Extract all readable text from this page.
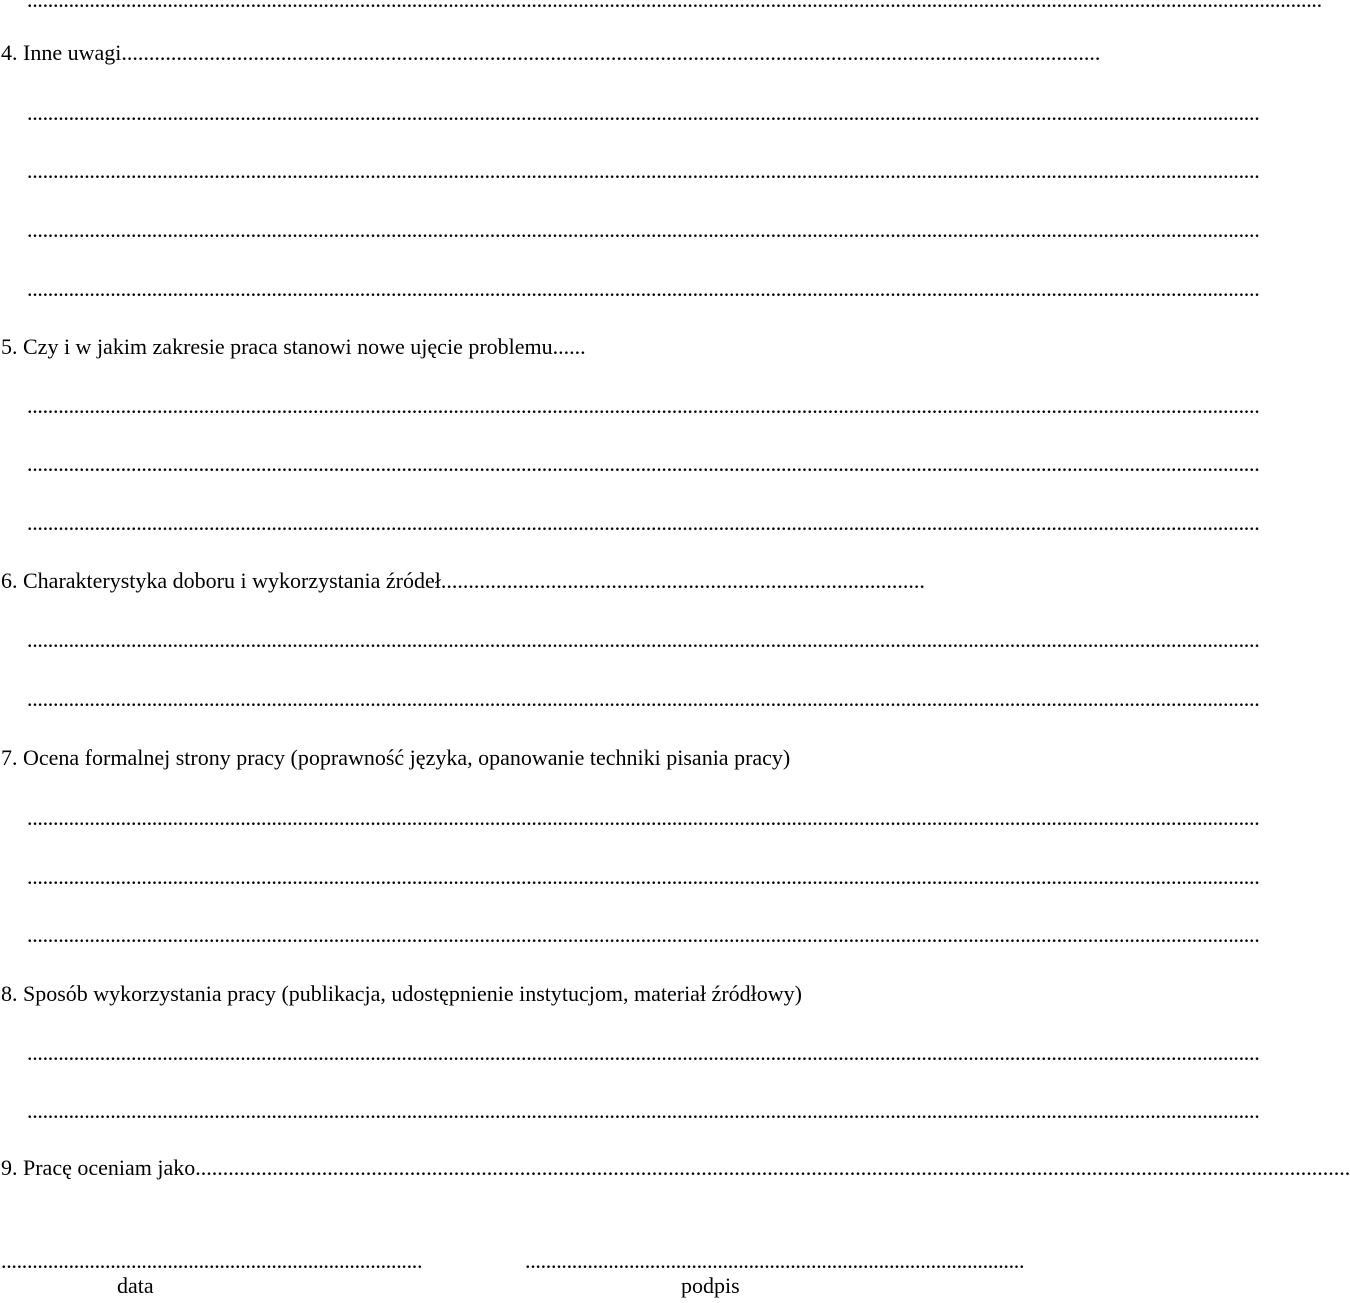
4. Inne uwagi..................................................................................................................................................................................
.............................................................................................................................................................................................................................................
.............................................................................................................................................................................................................................................
.............................................................................................................................................................................................................................................
.............................................................................................................................................................................................................................................
5. Czy i w jakim zakresie praca stanowi nowe ujęcie problemu......
.............................................................................................................................................................................................................................................
.............................................................................................................................................................................................................................................
.............................................................................................................................................................................................................................................
6. Charakterystyka doboru i wykorzystania źródeł........................................................................................
.............................................................................................................................................................................................................................................
.............................................................................................................................................................................................................................................
7. Ocena formalnej strony pracy (poprawność języka, opanowanie techniki pisania pracy)
.............................................................................................................................................................................................................................................
.............................................................................................................................................................................................................................................
.............................................................................................................................................................................................................................................
8. Sposób wykorzystania pracy (publikacja, udostępnienie instytucjom, materiał źródłowy)
.............................................................................................................................................................................................................................................
.............................................................................................................................................................................................................................................
9. Pracę oceniam jako..................................................................................................................................................................................................................
.................................................................................
data
................................................................................................
podpis
